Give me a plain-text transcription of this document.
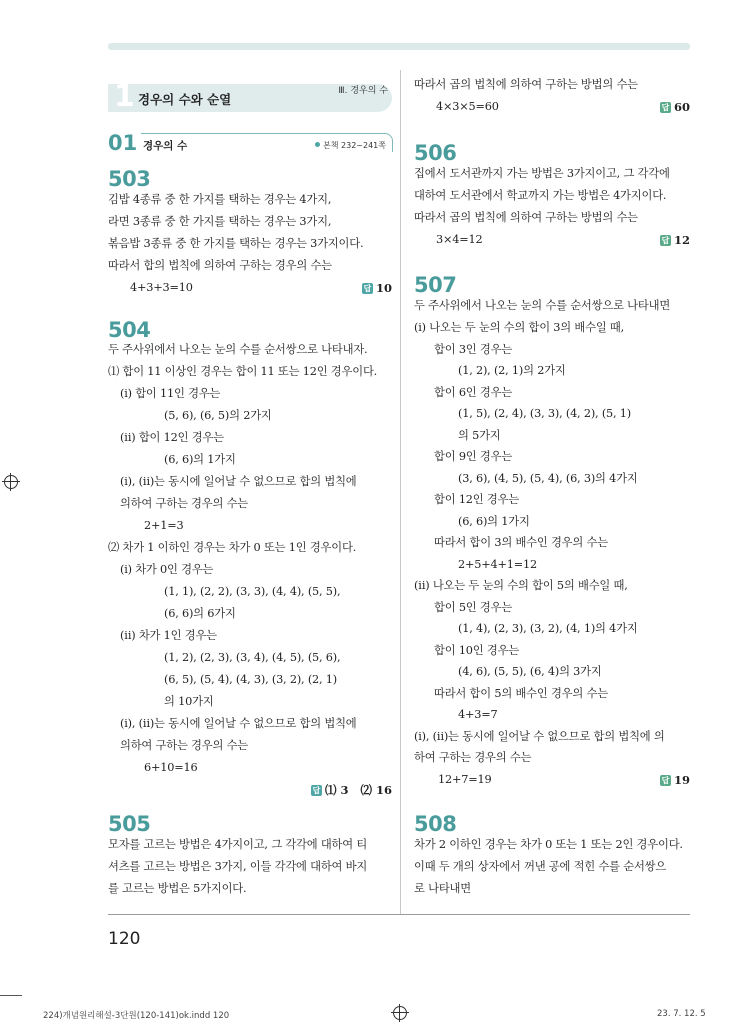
1 경우의 수와 순열
Ⅲ. 경우의 수
01 경우의 수	본책 232~241쪽
503
김밥 4종류 중 한 가지를 택하는 경우는 4가지,
라면 3종류 중 한 가지를 택하는 경우는 3가지,
볶음밥 3종류 중 한 가지를 택하는 경우는 3가지이다.
따라서 합의 법칙에 의하여 구하는 경우의 수는
4+3+3=10	답 10
504
두 주사위에서 나오는 눈의 수를 순서쌍으로 나타내자.
⑴ 합이 11 이상인 경우는 합이 11 또는 12인 경우이다.
(ⅰ) 합이 11인 경우는
(5, 6), (6, 5)의 2가지
(ⅱ) 합이 12인 경우는
(6, 6)의 1가지
(ⅰ), (ⅱ)는 동시에 일어날 수 없으므로 합의 법칙에
의하여 구하는 경우의 수는
2+1=3
⑵ 차가 1 이하인 경우는 차가 0 또는 1인 경우이다.
(ⅰ) 차가 0인 경우는
(1, 1), (2, 2), (3, 3), (4, 4), (5, 5),
(6, 6)의 6가지
(ⅱ) 차가 1인 경우는
(1, 2), (2, 3), (3, 4), (4, 5), (5, 6),
(6, 5), (5, 4), (4, 3), (3, 2), (2, 1)
의 10가지
(ⅰ), (ⅱ)는 동시에 일어날 수 없으므로 합의 법칙에
의하여 구하는 경우의 수는
6+10=16
답 ⑴ 3   ⑵ 16
505
모자를 고르는 방법은 4가지이고, 그 각각에 대하여 티
셔츠를 고르는 방법은 3가지, 이들 각각에 대하여 바지
를 고르는 방법은 5가지이다.
따라서 곱의 법칙에 의하여 구하는 방법의 수는
4×3×5=60	답 60
506
집에서 도서관까지 가는 방법은 3가지이고, 그 각각에
대하여 도서관에서 학교까지 가는 방법은 4가지이다.
따라서 곱의 법칙에 의하여 구하는 방법의 수는
3×4=12	답 12
507
두 주사위에서 나오는 눈의 수를 순서쌍으로 나타내면
(ⅰ) 나오는 두 눈의 수의 합이 3의 배수일 때,
합이 3인 경우는
(1, 2), (2, 1)의 2가지
합이 6인 경우는
(1, 5), (2, 4), (3, 3), (4, 2), (5, 1)
의 5가지
합이 9인 경우는
(3, 6), (4, 5), (5, 4), (6, 3)의 4가지
합이 12인 경우는
(6, 6)의 1가지
따라서 합이 3의 배수인 경우의 수는
2+5+4+1=12
(ⅱ) 나오는 두 눈의 수의 합이 5의 배수일 때,
합이 5인 경우는
(1, 4), (2, 3), (3, 2), (4, 1)의 4가지
합이 10인 경우는
(4, 6), (5, 5), (6, 4)의 3가지
따라서 합이 5의 배수인 경우의 수는
4+3=7
(ⅰ), (ⅱ)는 동시에 일어날 수 없으므로 합의 법칙에 의
하여 구하는 경우의 수는
12+7=19	답 19
508
차가 2 이하인 경우는 차가 0 또는 1 또는 2인 경우이다.
이때 두 개의 상자에서 꺼낸 공에 적힌 수를 순서쌍으
로 나타내면
120
224)개념원리해설-3단원(120-141)ok.indd 120	23. 7. 12. 5
